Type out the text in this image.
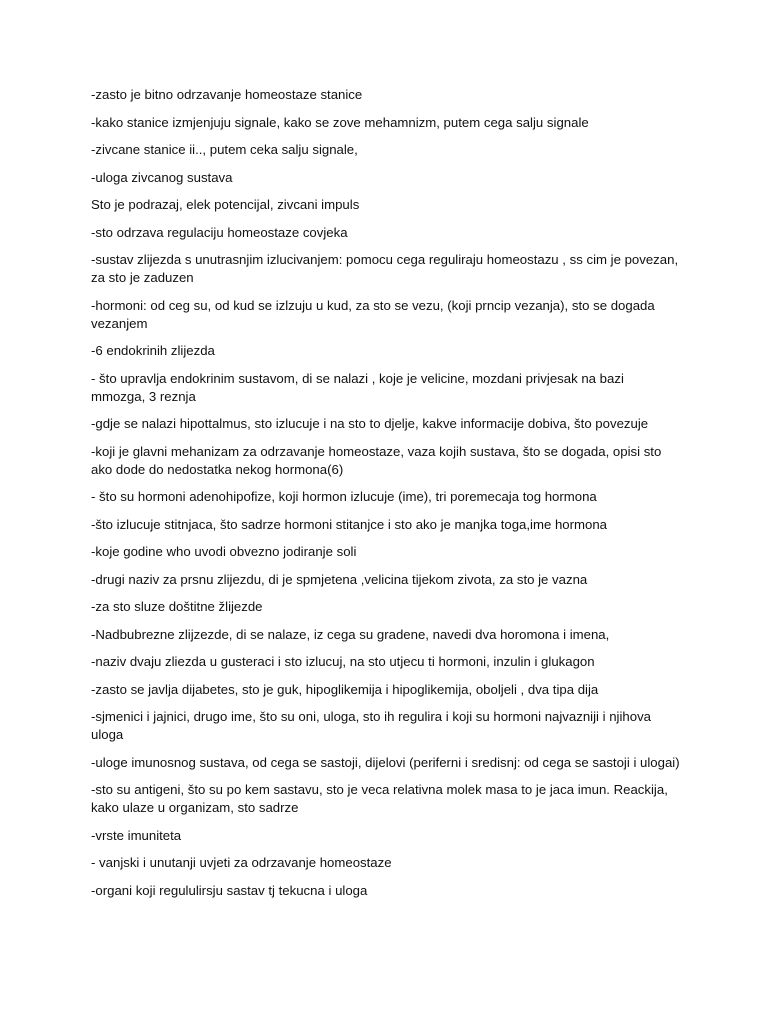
-zasto je bitno odrzavanje homeostaze stanice

-kako stanice izmjenjuju signale, kako se zove mehamnizm, putem cega salju signale

-zivcane stanice ii.., putem ceka salju signale,

-uloga zivcanog sustava

Sto je podrazaj, elek potencijal, zivcani impuls

-sto odrzava regulaciju homeostaze covjeka

-sustav zlijezda s unutrasnjim izlucivanjem: pomocu cega reguliraju homeostazu , ss cim je povezan, za sto je zaduzen

-hormoni: od ceg su, od kud se izlzuju u kud, za sto se vezu, (koji prncip vezanja), sto se dogada vezanjem

-6 endokrinih zlijezda

- što upravlja endokrinim sustavom, di se nalazi , koje je velicine, mozdani privjesak na bazi mmozga, 3 reznja

-gdje se nalazi hipottalmus, sto izlucuje i na sto to djelje, kakve informacije dobiva, što povezuje

-koji je glavni mehanizam za odrzavanje homeostaze, vaza kojih sustava, što se dogada, opisi sto ako dode do nedostatka nekog hormona(6)

- što su hormoni adenohipofize, koji hormon izlucuje (ime), tri poremecaja tog hormona

-što izlucuje stitnjaca, što sadrze hormoni stitanjce i sto ako je manjka toga,ime hormona

-koje godine who uvodi obvezno jodiranje soli

-drugi naziv za prsnu zlijezdu, di je spmjetena ,velicina tijekom zivota, za sto je vazna

-za sto sluze doštitne žlijezde

-Nadbubrezne zlijzezde, di se nalaze, iz cega su gradene, navedi dva horomona i imena,

-naziv dvaju zliezda u gusteraci i sto izlucuj, na sto utjecu ti hormoni, inzulin i glukagon

-zasto se javlja dijabetes, sto je guk, hipoglikemija i hipoglikemija, oboljeli , dva tipa dija

-sjmenici i jajnici, drugo ime, što su oni, uloga, sto ih regulira i koji su hormoni najvazniji i njihova uloga

-uloge imunosnog sustava, od cega se sastoji, dijelovi (periferni i sredisnj: od cega se sastoji i ulogai)

-sto su antigeni, što su po kem sastavu, sto je veca relativna molek masa to je jaca imun. Reackija, kako ulaze u organizam, sto sadrze

-vrste imuniteta

- vanjski i unutanji uvjeti za odrzavanje homeostaze

-organi koji regululirsju sastav tj tekucna i uloga
